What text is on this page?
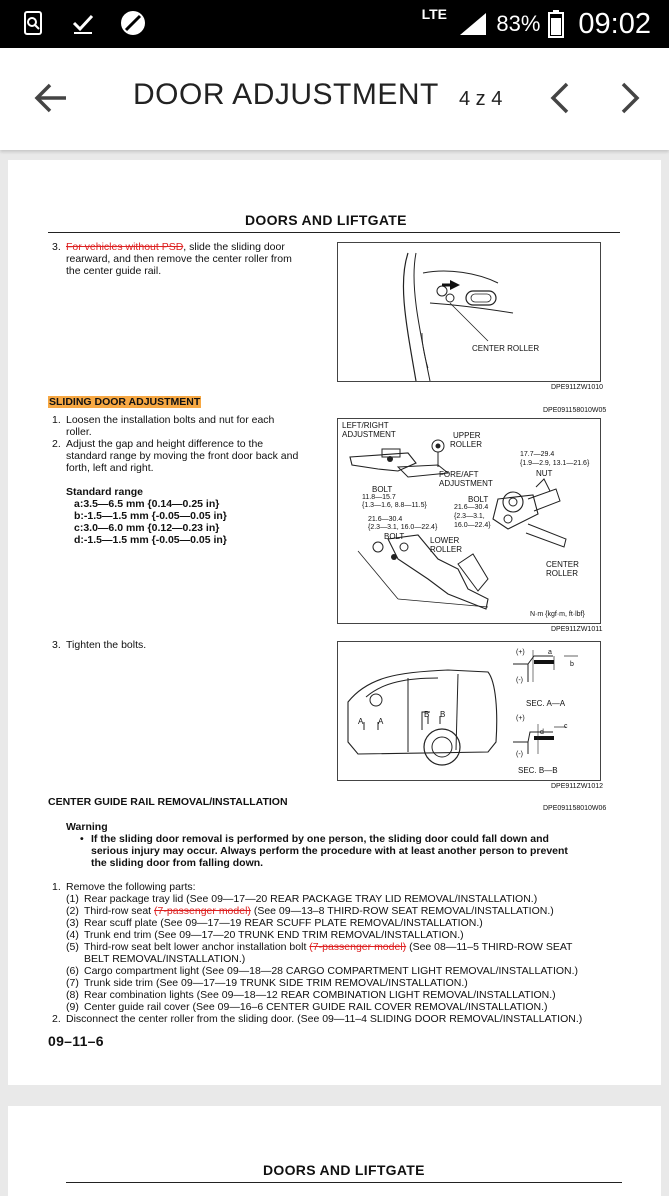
LTE 83% 09:02
DOOR ADJUSTMENT 4 z 4
DOORS AND LIFTGATE
3. For vehicles without PSD, slide the sliding door
rearward, and then remove the center roller from
the center guide rail.
CENTER ROLLER
DPE911ZW1010
SLIDING DOOR ADJUSTMENT
DPE091158010W05
1. Loosen the installation bolts and nut for each
roller.
2. Adjust the gap and height difference to the
standard range by moving the front door back and
forth, left and right.
Standard range
a:3.5—6.5 mm {0.14—0.25 in}
b:-1.5—1.5 mm {-0.05—0.05 in}
c:3.0—6.0 mm {0.12—0.23 in}
d:-1.5—1.5 mm {-0.05—0.05 in}
LEFT/RIGHT
ADJUSTMENT	UPPER
ROLLER
17.7—29.4
{1.9—2.9, 13.1—21.6}
NUT
FORE/AFT
ADJUSTMENT
BOLT
11.8—15.7
{1.3—1.6, 8.8—11.5}
BOLT
21.6—30.4
{2.3—3.1,
16.0—22.4}
21.6—30.4
{2.3—3.1, 16.0—22.4}
BOLT	LOWER
ROLLER
CENTER
ROLLER
N·m {kgf·m, ft·lbf}
DPE911ZW1011
3. Tighten the bolts.
(+)	a
b
(-)
SEC. A—A
(+)
c
d
(-)
SEC. B—B
A A
B B
DPE911ZW1012
CENTER GUIDE RAIL REMOVAL/INSTALLATION
DPE091158010W06
Warning
• If the sliding door removal is performed by one person, the sliding door could fall down and
serious injury may occur. Always perform the procedure with at least another person to prevent
the sliding door from falling down.
1. Remove the following parts:
(1) Rear package tray lid (See 09—17—20 REAR PACKAGE TRAY LID REMOVAL/INSTALLATION.)
(2) Third-row seat (7-passenger model) (See 09—13–8 THIRD-ROW SEAT REMOVAL/INSTALLATION.)
(3) Rear scuff plate (See 09—17—19 REAR SCUFF PLATE REMOVAL/INSTALLATION.)
(4) Trunk end trim (See 09—17—20 TRUNK END TRIM REMOVAL/INSTALLATION.)
(5) Third-row seat belt lower anchor installation bolt (7-passenger model) (See 08—11–5 THIRD-ROW SEAT
BELT REMOVAL/INSTALLATION.)
(6) Cargo compartment light (See 09—18—28 CARGO COMPARTMENT LIGHT REMOVAL/INSTALLATION.)
(7) Trunk side trim (See 09—17—19 TRUNK SIDE TRIM REMOVAL/INSTALLATION.)
(8) Rear combination lights (See 09—18—12 REAR COMBINATION LIGHT REMOVAL/INSTALLATION.)
(9) Center guide rail cover (See 09—16–6 CENTER GUIDE RAIL COVER REMOVAL/INSTALLATION.)
2. Disconnect the center roller from the sliding door. (See 09—11–4 SLIDING DOOR REMOVAL/INSTALLATION.)
09–11–6
DOORS AND LIFTGATE
